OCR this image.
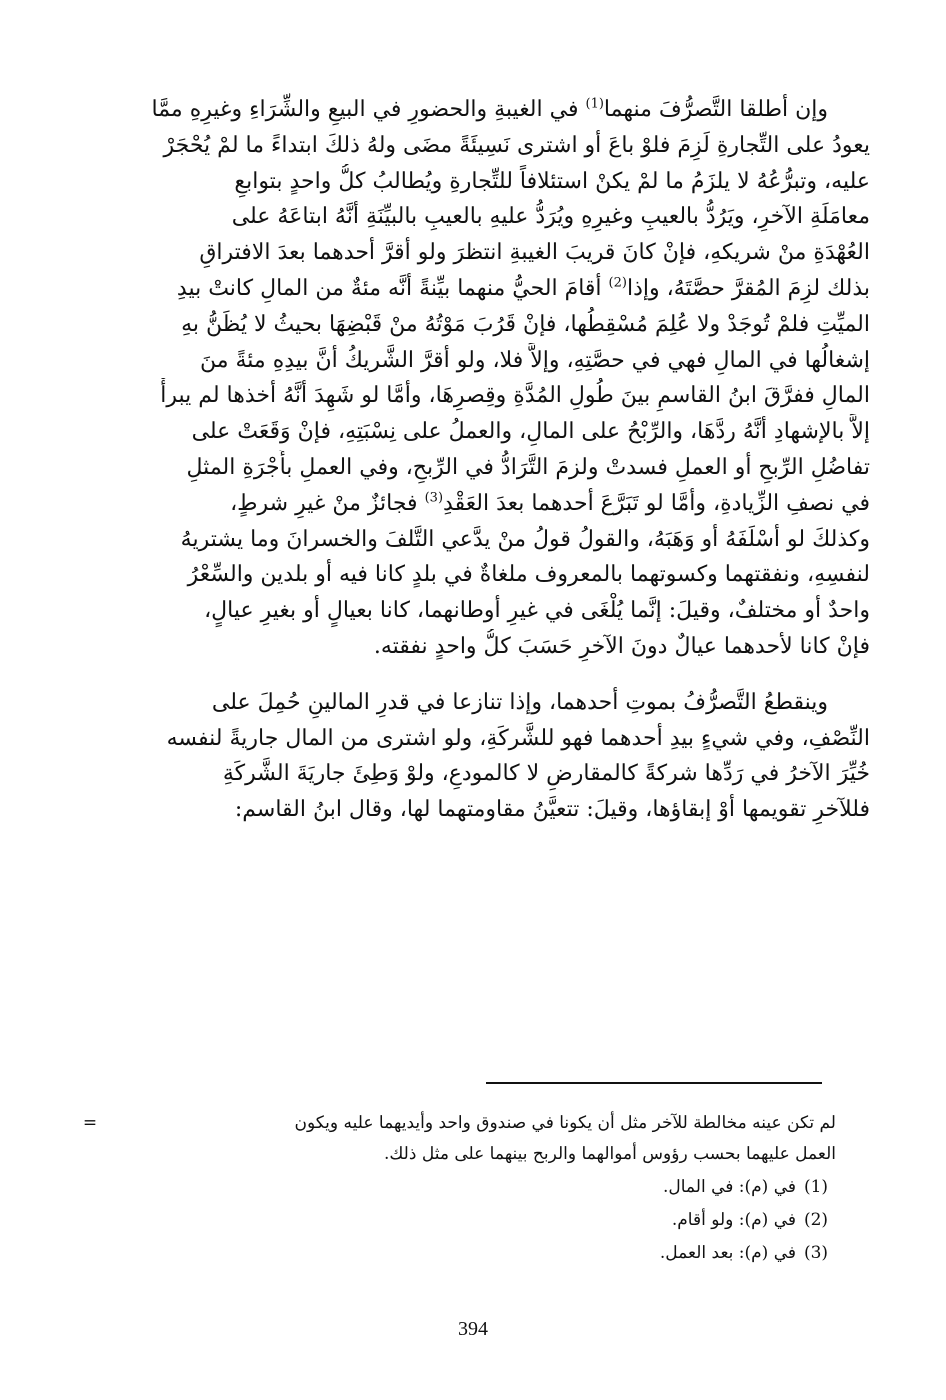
وإن أطلقا التَّصرُّفَ منهما$^{(1)}$ في الغيبةِ والحضورِ في البيعِ والشِّرَاءِ وغيرِهِ ممَّا
يعودُ على التِّجارةِ لَزِمَ فلوْ باعَ أو اشترى نَسِيئَةً مضَى ولهُ ذلكَ ابتداءً ما لمْ يُحْجَرْ
عليه، وتبرُّعُهُ لا يلزَمُ ما لمْ يكنْ استئلافاً للتِّجارةِ ويُطالبُ كلُّ واحدٍ بتوابعِ
معامَلَةِ الآخرِ، ويَرُدُّ بالعيبِ وغيرِهِ ويُرَدُّ عليهِ بالعيبِ بالبيِّنَةِ أنَّهُ ابتاعَهُ على
العُهْدَةِ منْ شريكهِ، فإنْ كانَ قريبَ الغيبةِ انتظرَ ولو أقرَّ أحدهما بعدَ الافتراقِ
بذلك لزِمَ المُقرَّ حصَّتَهُ، وإذا$^{(2)}$ أقامَ الحيُّ منهما بيِّنةً أنَّه مئةٌ من المالِ كانتْ بيدِ
الميِّتِ فلمْ تُوجَدْ ولا عُلِمَ مُسْقِطُها، فإنْ قَرُبَ مَوْتُهُ منْ قَبْضِهَا بحيثُ لا يُظَنُّ بهِ
إشغالُها في المالِ فهي في حصَّتِهِ، وإلاَّ فلا، ولو أقرَّ الشَّريكُ أنَّ بيدِهِ مئةً منَ
المالِ ففرَّقَ ابنُ القاسمِ بينَ طُولِ المُدَّةِ وقِصرِهَا، وأمَّا لو شَهِدَ أنَّهُ أخذها لم يبرأْ
إلاَّ بالإشهادِ أنَّهُ ردَّهَا، والرِّبْحُ على المالِ، والعملُ على نِسْبَتِهِ، فإنْ وَقَعَتْ على
تفاضُلِ الرِّبحِ أو العملِ فسدتْ ولزمَ التَّرَادُّ في الرِّبحِ، وفي العملِ بأُجْرَةِ المثلِ
في نصفِ الزِّيادةِ، وأمَّا لو تَبَرَّعَ أحدهما بعدَ العَقْدِ$^{(3)}$ فجائزٌ منْ غيرِ شرطٍ،
وكذلكَ لو أسْلَفَهُ أو وَهَبَهُ، والقولُ قولُ منْ يدَّعي التَّلفَ والخسرانَ وما يشتريهُ
لنفسِهِ، ونفقتهما وكسوتهما بالمعروف ملغاةٌ في بلدٍ كانا فيه أو بلدين والسِّعْرُ
واحدٌ أو مختلفٌ، وقيلَ: إنَّما يُلْغَى في غيرِ أوطانهما، كانا بعيالٍ أو بغيرِ عيالٍ،
فإنْ كانا لأحدهما عيالٌ دونَ الآخرِ حَسَبَ كلُّ واحدٍ نفقته.

وينقطعُ التَّصرُّفُ بموتِ أحدهما، وإذا تنازعا في قدرِ المالينِ حُمِلَ على
النِّصْفِ، وفي شيءٍ بيدِ أحدهما فهو للشَّركَةِ، ولو اشترى من المال جاريةً لنفسه
خُيِّرَ الآخرُ في رَدِّها شركةً كالمقارضِ لا كالمودعِ، ولوْ وَطِئَ جاريَةَ الشَّركَةِ
فللآخرِ تقويمها أوْ إبقاؤها، وقيلَ: تتعيَّنُ مقاومتهما لها، وقال ابنُ القاسم:

لم تكن عينه مخالطة للآخر مثل أن يكونا في صندوق واحد وأيديهما عليه ويكون
العمل عليهما بحسب رؤوس أموالهما والربح بينهما على مثل ذلك.
=
(1)
في (م): في المال.
(2)
في (م): ولو أقام.
(3)
في (م): بعد العمل.
394
